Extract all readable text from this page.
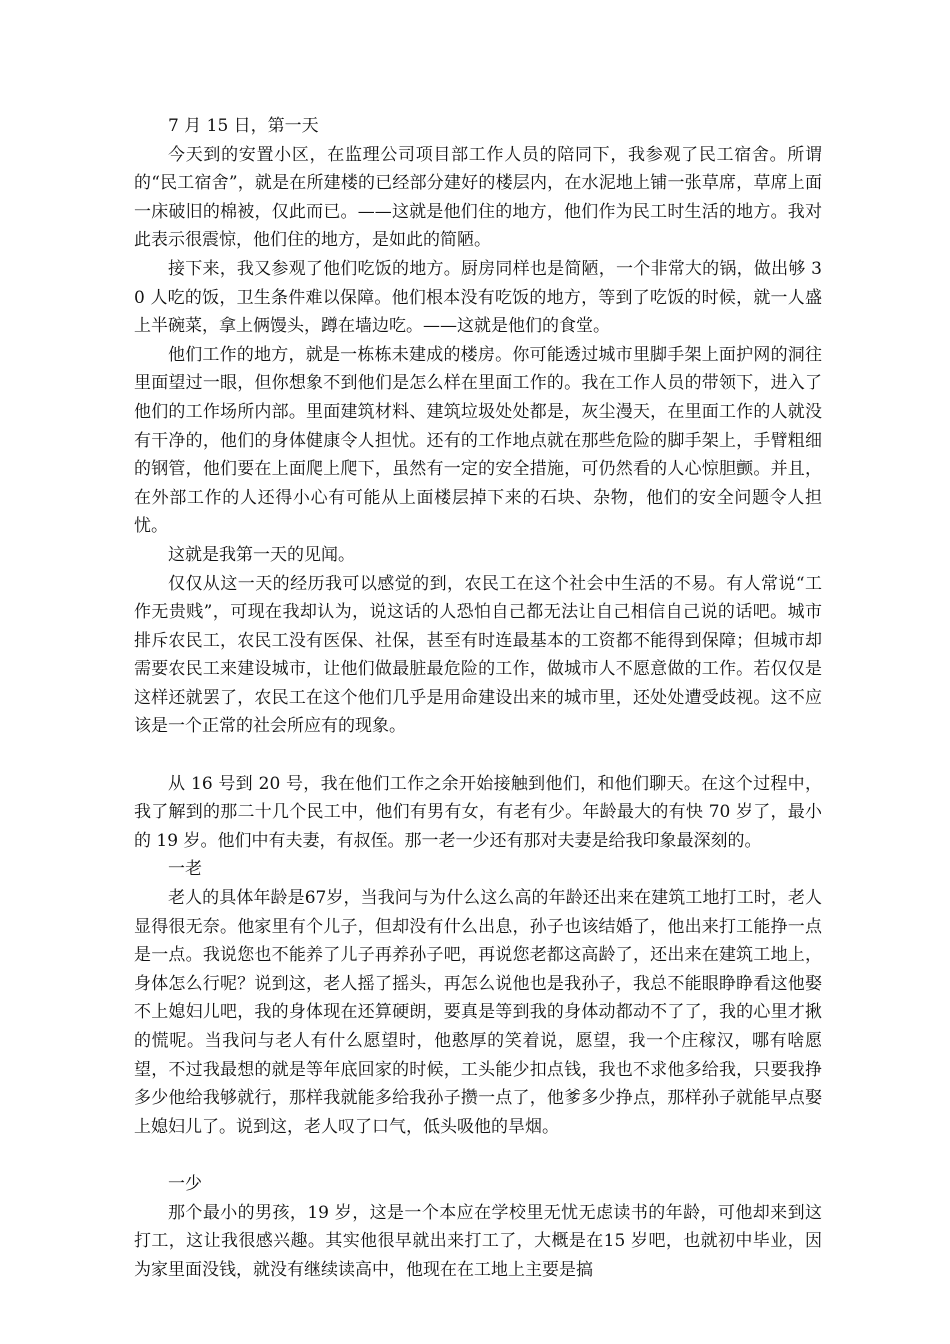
7 月 15 日，第一天

今天到的安置小区，在监理公司项目部工作人员的陪同下，我参观了民工宿舍。所谓的“民工宿舍”，就是在所建楼的已经部分建好的楼层内，在水泥地上铺一张草席，草席上面一床破旧的棉被，仅此而已。——这就是他们住的地方，他们作为民工时生活的地方。我对此表示很震惊，他们住的地方，是如此的简陋。

接下来，我又参观了他们吃饭的地方。厨房同样也是简陋，一个非常大的锅，做出够 30 人吃的饭，卫生条件难以保障。他们根本没有吃饭的地方，等到了吃饭的时候，就一人盛上半碗菜，拿上俩馒头，蹲在墙边吃。——这就是他们的食堂。

他们工作的地方，就是一栋栋未建成的楼房。你可能透过城市里脚手架上面护网的洞往里面望过一眼，但你想象不到他们是怎么样在里面工作的。我在工作人员的带领下，进入了他们的工作场所内部。里面建筑材料、建筑垃圾处处都是，灰尘漫天，在里面工作的人就没有干净的，他们的身体健康令人担忧。还有的工作地点就在那些危险的脚手架上，手臂粗细的钢管，他们要在上面爬上爬下，虽然有一定的安全措施，可仍然看的人心惊胆颤。并且，在外部工作的人还得小心有可能从上面楼层掉下来的石块、杂物，他们的安全问题令人担忧。

这就是我第一天的见闻。

仅仅从这一天的经历我可以感觉的到，农民工在这个社会中生活的不易。有人常说“工作无贵贱”，可现在我却认为，说这话的人恐怕自己都无法让自己相信自己说的话吧。城市排斥农民工，农民工没有医保、社保，甚至有时连最基本的工资都不能得到保障；但城市却需要农民工来建设城市，让他们做最脏最危险的工作，做城市人不愿意做的工作。若仅仅是这样还就罢了，农民工在这个他们几乎是用命建设出来的城市里，还处处遭受歧视。这不应该是一个正常的社会所应有的现象。

从 16 号到 20 号，我在他们工作之余开始接触到他们，和他们聊天。在这个过程中，我了解到的那二十几个民工中，他们有男有女，有老有少。年龄最大的有快 70 岁了，最小的 19 岁。他们中有夫妻，有叔侄。那一老一少还有那对夫妻是给我印象最深刻的。

一老

老人的具体年龄是67岁，当我问与为什么这么高的年龄还出来在建筑工地打工时，老人显得很无奈。他家里有个儿子，但却没有什么出息，孙子也该结婚了，他出来打工能挣一点是一点。我说您也不能养了儿子再养孙子吧，再说您老都这高龄了，还出来在建筑工地上，身体怎么行呢？说到这，老人摇了摇头，再怎么说他也是我孙子，我总不能眼睁睁看这他娶不上媳妇儿吧，我的身体现在还算硬朗，要真是等到我的身体动都动不了了，我的心里才揪的慌呢。当我问与老人有什么愿望时，他憨厚的笑着说，愿望，我一个庄稼汉，哪有啥愿望，不过我最想的就是等年底回家的时候，工头能少扣点钱，我也不求他多给我，只要我挣多少他给我够就行，那样我就能多给我孙子攒一点了，他爹多少挣点，那样孙子就能早点娶上媳妇儿了。说到这，老人叹了口气，低头吸他的旱烟。

一少

那个最小的男孩，19 岁，这是一个本应在学校里无忧无虑读书的年龄，可他却来到这打工，这让我很感兴趣。其实他很早就出来打工了，大概是在15 岁吧，也就初中毕业，因为家里面没钱，就没有继续读高中，他现在在工地上主要是搞
